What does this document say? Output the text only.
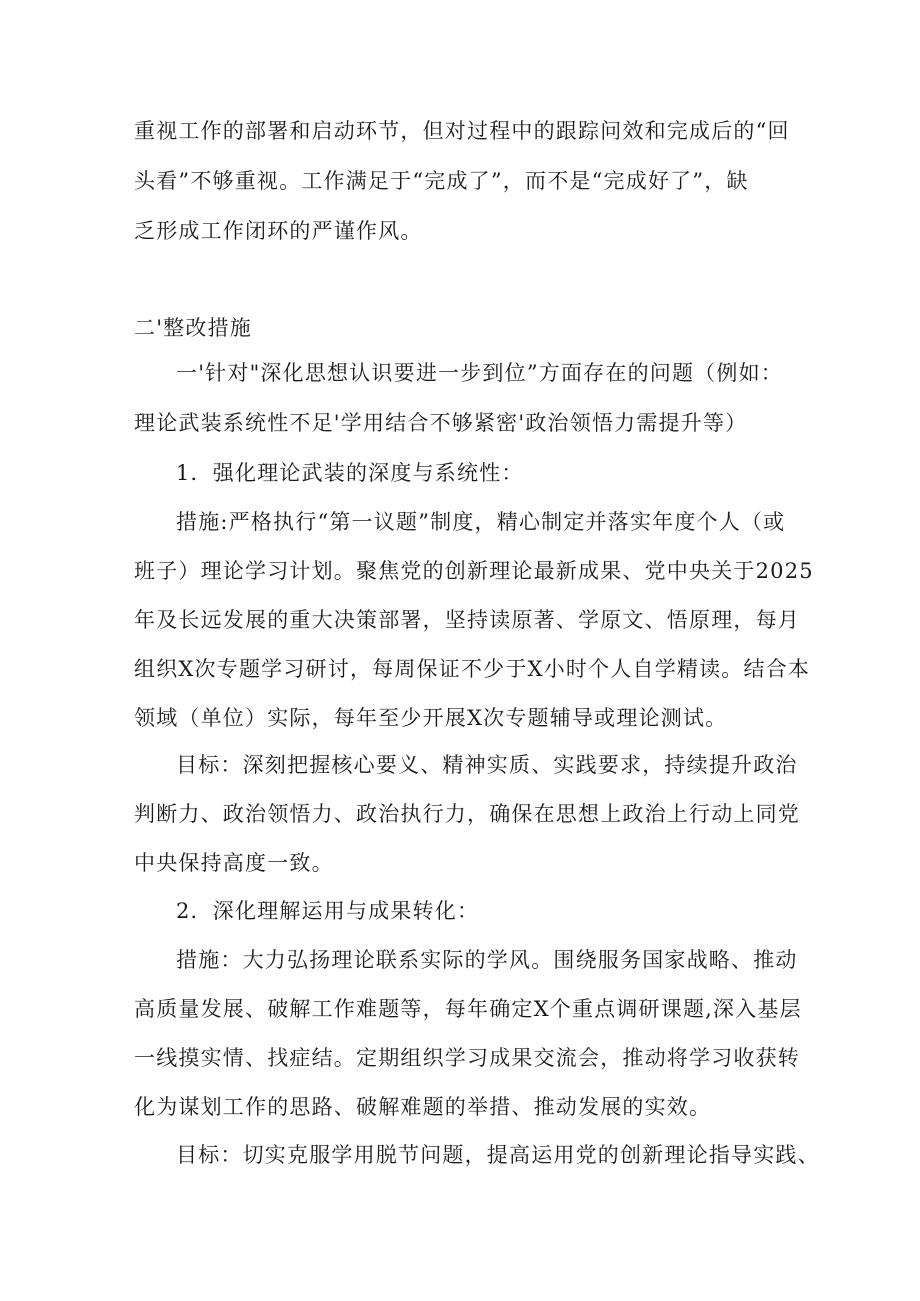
重视工作的部署和启动环节，但对过程中的跟踪问效和完成后的“回
头看”不够重视。工作满足于“完成了”，而不是“完成好了”，缺
乏形成工作闭环的严谨作风。
二'整改措施
一'针对"深化思想认识要进一步到位”方面存在的问题（例如：
理论武装系统性不足'学用结合不够紧密'政治领悟力需提升等）
1．强化理论武装的深度与系统性：
措施:严格执行“第一议题”制度，精心制定并落实年度个人（或
班子）理论学习计划。聚焦党的创新理论最新成果、党中央关于2025
年及长远发展的重大决策部署，坚持读原著、学原文、悟原理，每月
组织X次专题学习研讨，每周保证不少于X小时个人自学精读。结合本
领域（单位）实际，每年至少开展X次专题辅导或理论测试。
目标：深刻把握核心要义、精神实质、实践要求，持续提升政治
判断力、政治领悟力、政治执行力，确保在思想上政治上行动上同党
中央保持高度一致。
2．深化理解运用与成果转化：
措施：大力弘扬理论联系实际的学风。围绕服务国家战略、推动
高质量发展、破解工作难题等，每年确定X个重点调研课题,深入基层
一线摸实情、找症结。定期组织学习成果交流会，推动将学习收获转
化为谋划工作的思路、破解难题的举措、推动发展的实效。
目标：切实克服学用脱节问题，提高运用党的创新理论指导实践、
